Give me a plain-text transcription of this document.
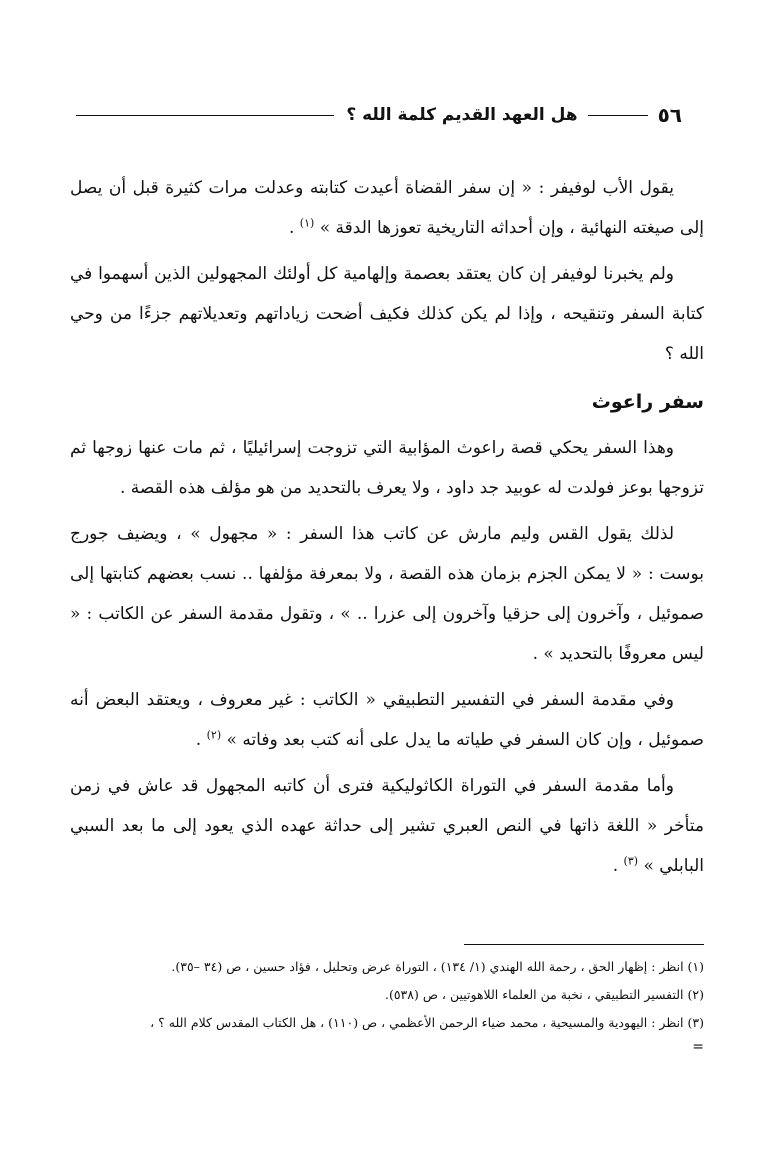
٥٦
هل العهد القديم كلمة الله ؟

يقول الأب لوفيفر : « إن سفر القضاة أعيدت كتابته وعدلت مرات كثيرة قبل أن يصل إلى صيغته النهائية ، وإن أحداثه التاريخية تعوزها الدقة » $^{(١)}$ .

ولم يخبرنا لوفيفر إن كان يعتقد بعصمة وإلهامية كل أولئك المجهولين الذين أسهموا في كتابة السفر وتنقيحه ، وإذا لم يكن كذلك فكيف أضحت زياداتهم وتعديلاتهم جزءًا من وحي الله ؟

سفر راعوث

وهذا السفر يحكي قصة راعوث المؤابية التي تزوجت إسرائيليًا ، ثم مات عنها زوجها ثم تزوجها بوعز فولدت له عوبيد جد داود ، ولا يعرف بالتحديد من هو مؤلف هذه القصة .

لذلك يقول القس وليم مارش عن كاتب هذا السفر : « مجهول » ، ويضيف جورج بوست : « لا يمكن الجزم بزمان هذه القصة ، ولا بمعرفة مؤلفها .. نسب بعضهم كتابتها إلى صموئيل ، وآخرون إلى حزقيا وآخرون إلى عزرا .. » ، وتقول مقدمة السفر عن الكاتب : « ليس معروفًا بالتحديد » .

وفي مقدمة السفر في التفسير التطبيقي « الكاتب : غير معروف ، ويعتقد البعض أنه صموئيل ، وإن كان السفر في طياته ما يدل على أنه كتب بعد وفاته » $^{(٢)}$ .

وأما مقدمة السفر في التوراة الكاثوليكية فترى أن كاتبه المجهول قد عاش في زمن متأخر « اللغة ذاتها في النص العبري تشير إلى حداثة عهده الذي يعود إلى ما بعد السبي البابلي » $^{(٣)}$ .

(١) انظر : إظهار الحق ، رحمة الله الهندي (١/ ١٣٤) ، التوراة عرض وتحليل ، فؤاد حسين ، ص (٣٤ –٣٥).

(٢) التفسير التطبيقي ، نخبة من العلماء اللاهوتيين ، ص (٥٣٨).

(٣) انظر : اليهودية والمسيحية ، محمد ضياء الرحمن الأعظمي ، ص (١١٠) ، هل الكتاب المقدس كلام الله ؟ ،

=
